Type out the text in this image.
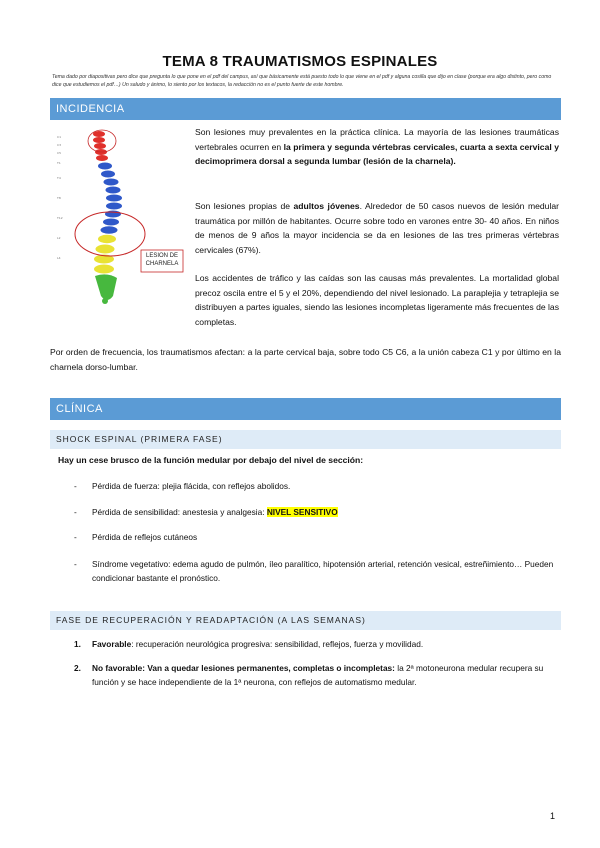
TEMA 8 TRAUMATISMOS ESPINALES
Tema dado por diapositivas pero dice que pregunta lo que pone en el pdf del campus, así que básicamente está puesto todo lo que viene en el pdf y alguna cosilla que dijo en clase (porque era algo distinto, pero como dice que estudiemos el pdf…) Un saludo y ánimo, lo siento por los textacos, la redacción no es el punto fuerte de este hombre.
INCIDENCIA
C1
C3
C5
T1
T4
T8
T12
L2
L4	LESION DE CHARNELA
Son lesiones muy prevalentes en la práctica clínica. La mayoría de las lesiones traumáticas vertebrales ocurren en la primera y segunda vértebras cervicales, cuarta a sexta cervical y decimoprimera dorsal a segunda lumbar (lesión de la charnela).
Son lesiones propias de adultos jóvenes. Alrededor de 50 casos nuevos de lesión medular traumática por millón de habitantes. Ocurre sobre todo en varones entre 30- 40 años. En niños de menos de 9 años la mayor incidencia se da en lesiones de las tres primeras vértebras cervicales (67%).
Los accidentes de tráfico y las caídas son las causas más prevalentes. La mortalidad global precoz oscila entre el 5 y el 20%, dependiendo del nivel lesionado. La paraplejia y tetraplejia se distribuyen a partes iguales, siendo las lesiones incompletas ligeramente más frecuentes de las completas.
Por orden de frecuencia, los traumatismos afectan: a la parte cervical baja, sobre todo C5 C6, a la unión cabeza C1 y por último en la charnela dorso-lumbar.
CLÍNICA
SHOCK ESPINAL (PRIMERA FASE)
Hay un cese brusco de la función medular por debajo del nivel de sección:
- Pérdida de fuerza: plejia flácida, con reflejos abolidos.
- Pérdida de sensibilidad: anestesia y analgesia: NIVEL SENSITIVO
- Pérdida de reflejos cutáneos
- Síndrome vegetativo: edema agudo de pulmón, íleo paralítico, hipotensión arterial, retención vesical, estreñimiento… Pueden condicionar bastante el pronóstico.
FASE DE RECUPERACIÓN Y READAPTACIÓN (A LAS SEMANAS)
1. Favorable: recuperación neurológica progresiva: sensibilidad, reflejos, fuerza y movilidad.
2. No favorable: Van a quedar lesiones permanentes, completas o incompletas: la 2ª motoneurona medular recupera su función y se hace independiente de la 1ª neurona, con reflejos de automatismo medular.
1
